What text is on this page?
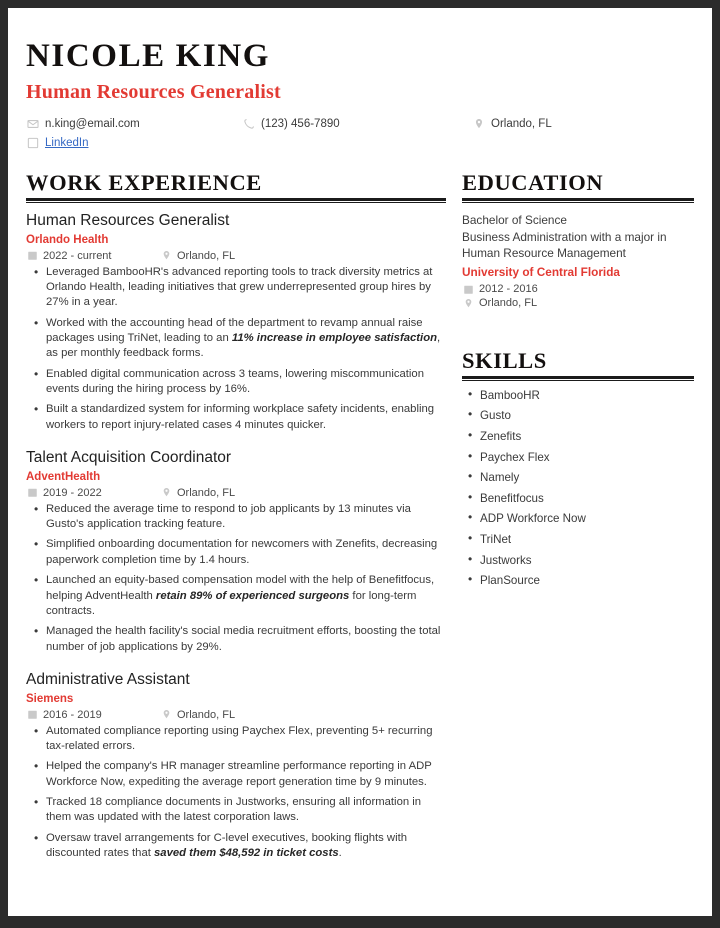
NICOLE KING
Human Resources Generalist
n.king@email.com	(123) 456-7890	Orlando, FL
LinkedIn
WORK EXPERIENCE
Human Resources Generalist
Orlando Health
2022 - current	Orlando, FL
• Leveraged BambooHR's advanced reporting tools to track diversity metrics at Orlando Health, leading initiatives that grew underrepresented group hires by 27% in a year.
• Worked with the accounting head of the department to revamp annual raise packages using TriNet, leading to an 11% increase in employee satisfaction, as per monthly feedback forms.
• Enabled digital communication across 3 teams, lowering miscommunication events during the hiring process by 16%.
• Built a standardized system for informing workplace safety incidents, enabling workers to report injury-related cases 4 minutes quicker.
Talent Acquisition Coordinator
AdventHealth
2019 - 2022	Orlando, FL
• Reduced the average time to respond to job applicants by 13 minutes via Gusto's application tracking feature.
• Simplified onboarding documentation for newcomers with Zenefits, decreasing paperwork completion time by 1.4 hours.
• Launched an equity-based compensation model with the help of Benefitfocus, helping AdventHealth retain 89% of experienced surgeons for long-term contracts.
• Managed the health facility's social media recruitment efforts, boosting the total number of job applications by 29%.
Administrative Assistant
Siemens
2016 - 2019	Orlando, FL
• Automated compliance reporting using Paychex Flex, preventing 5+ recurring tax-related errors.
• Helped the company's HR manager streamline performance reporting in ADP Workforce Now, expediting the average report generation time by 9 minutes.
• Tracked 18 compliance documents in Justworks, ensuring all information in them was updated with the latest corporation laws.
• Oversaw travel arrangements for C-level executives, booking flights with discounted rates that saved them $48,592 in ticket costs.
EDUCATION
Bachelor of Science
Business Administration with a major in Human Resource Management
University of Central Florida
2012 - 2016
Orlando, FL
SKILLS
• BambooHR
• Gusto
• Zenefits
• Paychex Flex
• Namely
• Benefitfocus
• ADP Workforce Now
• TriNet
• Justworks
• PlanSource
